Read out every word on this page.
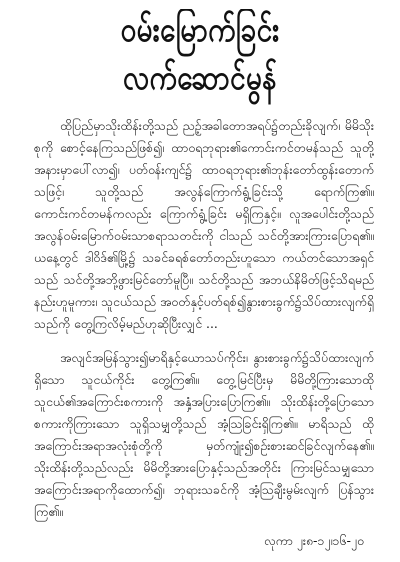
ဝမ်းမြောက်ခြင်း
လက်ဆောင်မွန်

ထိုပြည်မှာသိုးထိန်းတို့သည် ညဉ့်အခါတောအရပ်၌တည်းခိုလျက်၊ မိမိသိုးစုကို စောင့်နေကြသည်ဖြစ်၍၊ ထာဝရဘုရား၏ကောင်းကင်တမန်သည် သူတို့အနားမှာပေါ်လာ၍၊ ပတ်ဝန်းကျင်၌ ထာဝရဘုရား၏ဘုန်းတော်ထွန်းတောက်သဖြင့်၊ သူတို့သည် အလွန်ကြောက်ရွံ့ခြင်းသို့ ရောက်ကြ၏။ ကောင်းကင်တမန်ကလည်း ကြောက်ရွံ့ခြင်း မရှိကြနှင့်။ လူအပေါင်းတို့သည် အလွန်ဝမ်းမြောက်ဝမ်းသာစရာသတင်းကို ငါသည် သင်တို့အားကြားပြောရ၏။ ယနေ့တွင် ဒါဝိဒ်၏မြို့၌ သခင်ခရစ်တော်တည်းဟူသော ကယ်တင်သောအရှင်သည် သင်တို့အဘို့ဖွားမြင်တော်မူပြီ။ သင်တို့သည် အဘယ်နိမိတ်ဖြင့်သိရမည်နည်းဟူမူကား၊ သူငယ်သည် အဝတ်နှင့်ပတ်ရစ်၍နွားစားခွက်၌သိပ်ထားလျက်ရှိသည်ကို တွေ့ကြလိမ့်မည်ဟုဆိုပြီးလျှင် ...

အလျင်အမြန်သွား၍မာရိနှင့်ယောသပ်ကိုင်း၊ နွားစားခွက်၌သိပ်ထားလျက်ရှိသော သူငယ်ကိုင်း တွေ့ကြ၏။ တွေ့မြင်ပြီးမှ မိမိတို့ကြားသောထိုသူငယ်၏အကြောင်းစကားကို အနှံ့အပြားပြောကြ၏။ သိုးထိန်းတို့ပြောသောစကားကိုကြားသော သူရှိသမျှတို့သည် အံ့သြခြင်းရှိကြ၏။ မာရိသည် ထိုအကြောင်းအရာအလုံးစုံတို့ကို မှတ်ကျုံး၍စဉ်းစားဆင်ခြင်လျက်နေ၏။ သိုးထိန်းတို့သည်လည်း မိမိတို့အားပြောနှင့်သည်အတိုင်း ကြားမြင်သမျှသောအကြောင်းအရာကိုထောက်၍၊ ဘုရားသခင်ကို အံ့သြချီးမွမ်းလျက် ပြန်သွားကြ၏။

လုကာ ၂း၈-၁၂၊၁၆-၂၀
